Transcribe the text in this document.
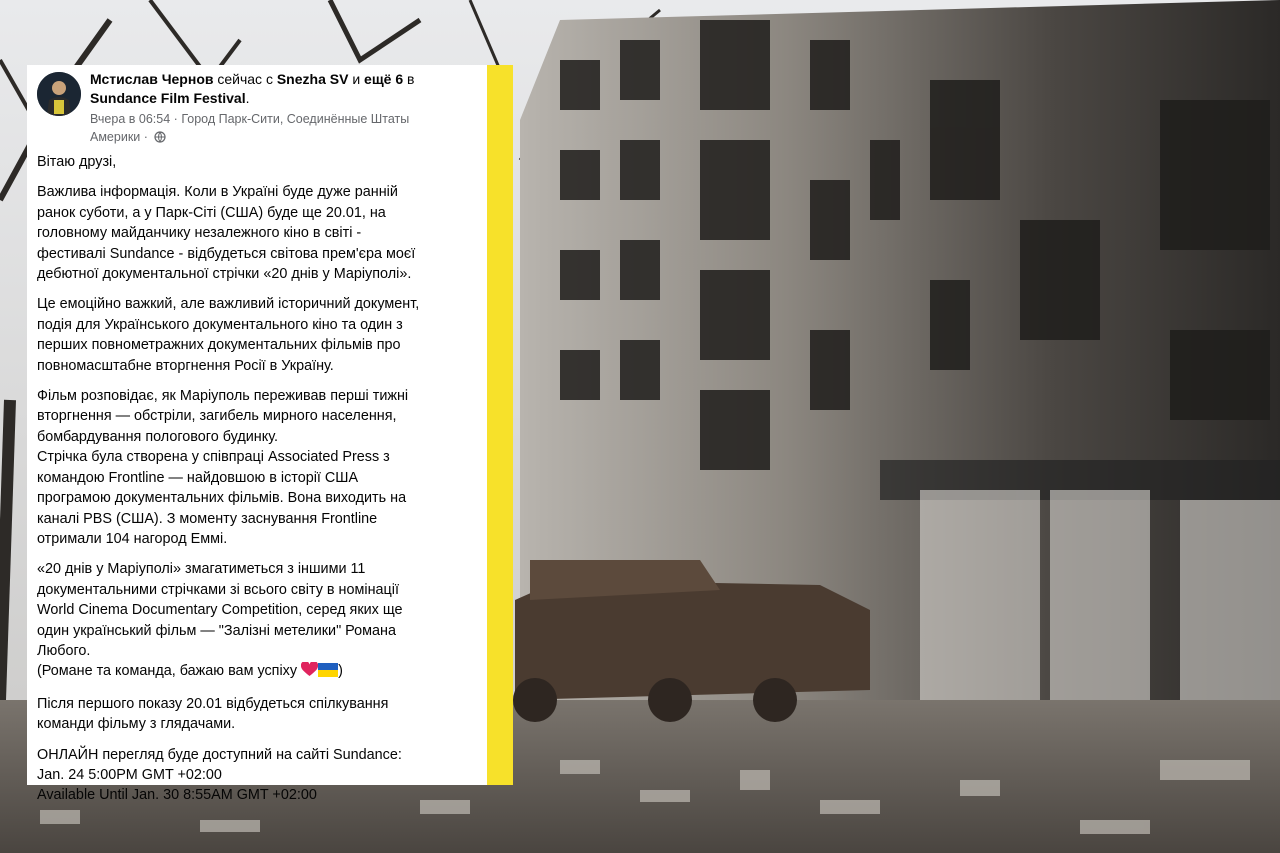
Мстислав Чернов сейчас с Snezha SV и ещё 6 в
Sundance Film Festival.
Вчера в 06:54 · Город Парк-Сити, Соединённые Штаты
Америки ·

Вітаю друзі,

Важлива інформація. Коли в Україні буде дуже ранній
ранок суботи, а у Парк-Сіті (США) буде ще 20.01, на
головному майданчику незалежного кіно в світі -
фестивалі Sundance - відбудеться світова прем'єра моєї
дебютної документальної стрічки «20 днів у Маріуполі».

Це емоційно важкий, але важливий історичний документ,
подія для Українського документального кіно та один з
перших повнометражних документальних фільмів про
повномасштабне вторгнення Росії в Україну.

Фільм розповідає, як Маріуполь переживав перші тижні
вторгнення — обстріли, загибель мирного населення,
бомбардування пологового будинку.
Стрічка була створена у співпраці Associated Press з
командою Frontline — найдовшою в історії США
програмою документальних фільмів. Вона виходить на
каналі PBS (США). З моменту заснування Frontline
отримали 104 нагород Еммі.

«20 днів у Маріуполі» змагатиметься з іншими 11
документальними стрічками зі всього світу в номінації
World Cinema Documentary Competition, серед яких ще
один український фільм — "Залізні метелики" Романа
Любого.

(Романе та команда, бажаю вам успіху	)

Після першого показу 20.01 відбудеться спілкування
команди фільму з глядачами.

ОНЛАЙН перегляд буде доступний на сайті Sundance:
Jan. 24 5:00PM GMT +02:00
Available Until Jan. 30 8:55AM GMT +02:00
